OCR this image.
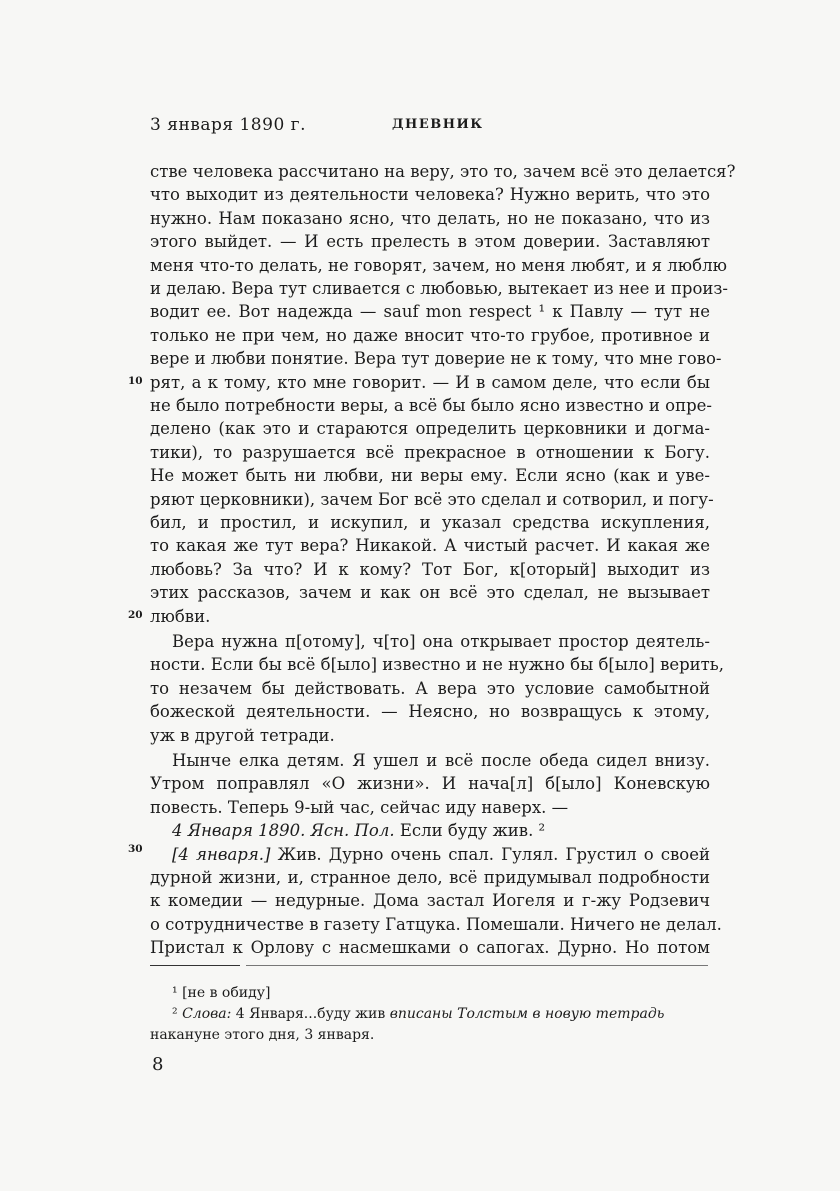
3 января 1890 г.	ДНЕВНИК
10
20
30
стве человека рассчитано на веру, это то, зачем всё это делается?
что выходит из деятельности человека? Нужно верить, что это
нужно. Нам показано ясно, что делать, но не показано, что из
этого выйдет. — И есть прелесть в этом доверии. Заставляют
меня что-то делать, не говорят, зачем, но меня любят, и я люблю
и делаю. Вера тут сливается с любовью, вытекает из нее и произ-
водит ее. Вот надежда — sauf mon respect ¹ к Павлу — тут не
только не при чем, но даже вносит что-то грубое, противное и
вере и любви понятие. Вера тут доверие не к тому, что мне гово-
рят, а к тому, кто мне говорит. — И в самом деле, что если бы
не было потребности веры, а всё бы было ясно известно и опре-
делено (как это и стараются определить церковники и догма-
тики), то разрушается всё прекрасное в отношении к Богу.
Не может быть ни любви, ни веры ему. Если ясно (как и уве-
ряют церковники), зачем Бог всё это сделал и сотворил, и погу-
бил, и простил, и искупил, и указал средства искупления,
то какая же тут вера? Никакой. А чистый расчет. И какая же
любовь? За что? И к кому? Тот Бог, к[оторый] выходит из
этих рассказов, зачем и как он всё это сделал, не вызывает
любви.
Вера нужна п[отому], ч[то] она открывает простор деятель-
ности. Если бы всё б[ыло] известно и не нужно бы б[ыло] верить,
то незачем бы действовать. А вера это условие самобытной
божеской деятельности. — Неясно, но возвращусь к этому,
уж в другой тетради.
Нынче елка детям. Я ушел и всё после обеда сидел внизу.
Утром поправлял «О жизни». И нача[л] б[ыло] Коневскую
повесть. Теперь 9-ый час, сейчас иду наверх. —
4 Января 1890. Ясн. Пол. Если буду жив. ²
[4 января.] Жив. Дурно очень спал. Гулял. Грустил о своей
дурной жизни, и, странное дело, всё придумывал подробности
к комедии — недурные. Дома застал Иогеля и г-жу Родзевич
о сотрудничестве в газету Гатцука. Помешали. Ничего не делал.
Пристал к Орлову с насмешками о сапогах. Дурно. Но потом
¹ [не в обиду]
² Слова: 4 Января...буду жив вписаны Толстым в новую тетрадь
накануне этого дня, 3 января.
8
